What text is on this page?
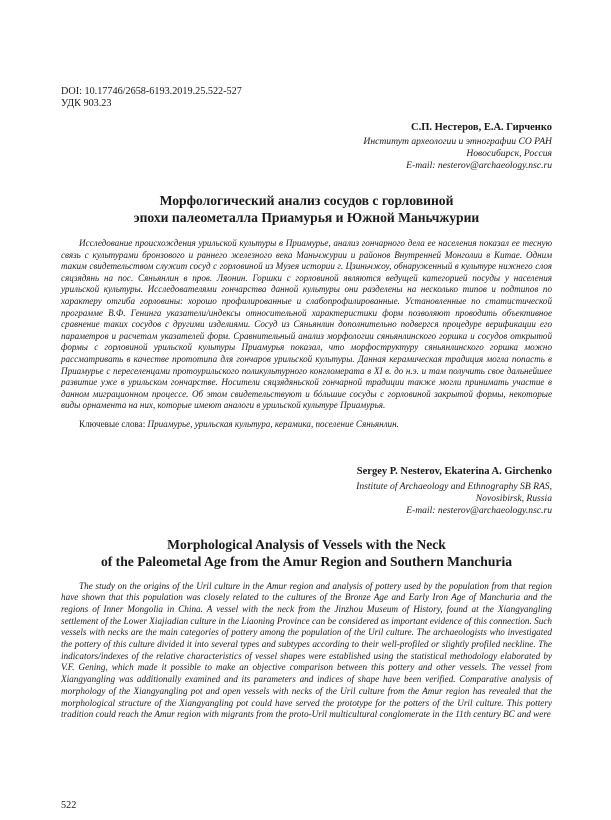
DOI: 10.17746/2658-6193.2019.25.522-527

УДК 903.23

С.П. Нестеров, Е.А. Гирченко

Институт археологии и этнографии СО РАН

Новосибирск, Россия

E-mail: nesterov@archaeology.nsc.ru

Морфологический анализ сосудов с горловиной

эпохи палеометалла Приамурья и Южной Маньчжурии

Исследование происхождения урильской культуры в Приамурье, анализ гончарного дела ее населения показал ее тесную связь с культурами бронзового и раннего железного века Маньчжурии и районов Внутренней Монголии в Китае. Одним таким свидетельством служит сосуд с горловиной из Музея истории г. Цзиньчжоу, обнаруженный в культуре нижнего слоя сяцзядянь на пос. Сяньянлин в пров. Ляонин. Горшки с горловиной являются ведущей категорией посуды у населения урильской культуры. Исследователями гончарства данной культуры они разделены на несколько типов и подтипов по характеру отгиба горловины: хорошо профилированные и слабопрофилированные. Установленные по статистической программе В.Ф. Генинга указатели/индексы относительной характеристики форм позволяют проводить объективное сравнение таких сосудов с другими изделиями. Сосуд из Сяньянлин дополнительно подвергся процедуре верификации его параметров и расчетам указателей форм. Сравнительный анализ морфологии сяньянлинского горшка и сосудов открытой формы с горловиной урильской культуры Приамурья показал, что морфоструктуру сяньянлинского горшка можно рассматривать в качестве прототипа для гончаров урильской культуры. Данная керамическая традиция могла попасть в Приамурье с переселенцами протоурильского поликультурного конгломерата в XI в. до н.э. и там получить свое дальнейшее развитие уже в урильском гончарстве. Носители сяцзядяньской гончарной традиции также могли принимать участие в данном миграционном процессе. Об этом свидетельствуют и бóльшие сосуды с горловиной закрытой формы, некоторые виды орнамента на них, которые имеют аналоги в урильской культуре Приамурья.

Ключевые слова: Приамурье, урильская культура, керамика, поселение Сяньянлин.

Sergey P. Nesterov, Ekaterina A. Girchenko

Institute of Archaeology and Ethnography SB RAS,

Novosibirsk, Russia

E-mail: nesterov@archaeology.nsc.ru

Morphological Analysis of Vessels with the Neck

of the Paleometal Age from the Amur Region and Southern Manchuria

The study on the origins of the Uril culture in the Amur region and analysis of pottery used by the population from that region have shown that this population was closely related to the cultures of the Bronze Age and Early Iron Age of Manchuria and the regions of Inner Mongolia in China. A vessel with the neck from the Jinzhou Museum of History, found at the Xiangyangling settlement of the Lower Xiajiadian culture in the Liaoning Province can be considered as important evidence of this connection. Such vessels with necks are the main categories of pottery among the population of the Uril culture. The archaeologists who investigated the pottery of this culture divided it into several types and subtypes according to their well-profiled or slightly profiled neckline. The indicators/indexes of the relative characteristics of vessel shapes were established using the statistical methodology elaborated by V.F. Gening, which made it possible to make an objective comparison between this pottery and other vessels. The vessel from Xiangyangling was additionally examined and its parameters and indices of shape have been verified. Comparative analysis of morphology of the Xiangyangling pot and open vessels with necks of the Uril culture from the Amur region has revealed that the morphological structure of the Xiangyangling pot could have served the prototype for the potters of the Uril culture. This pottery tradition could reach the Amur region with migrants from the proto-Uril multicultural conglomerate in the 11th century BC and were

522
